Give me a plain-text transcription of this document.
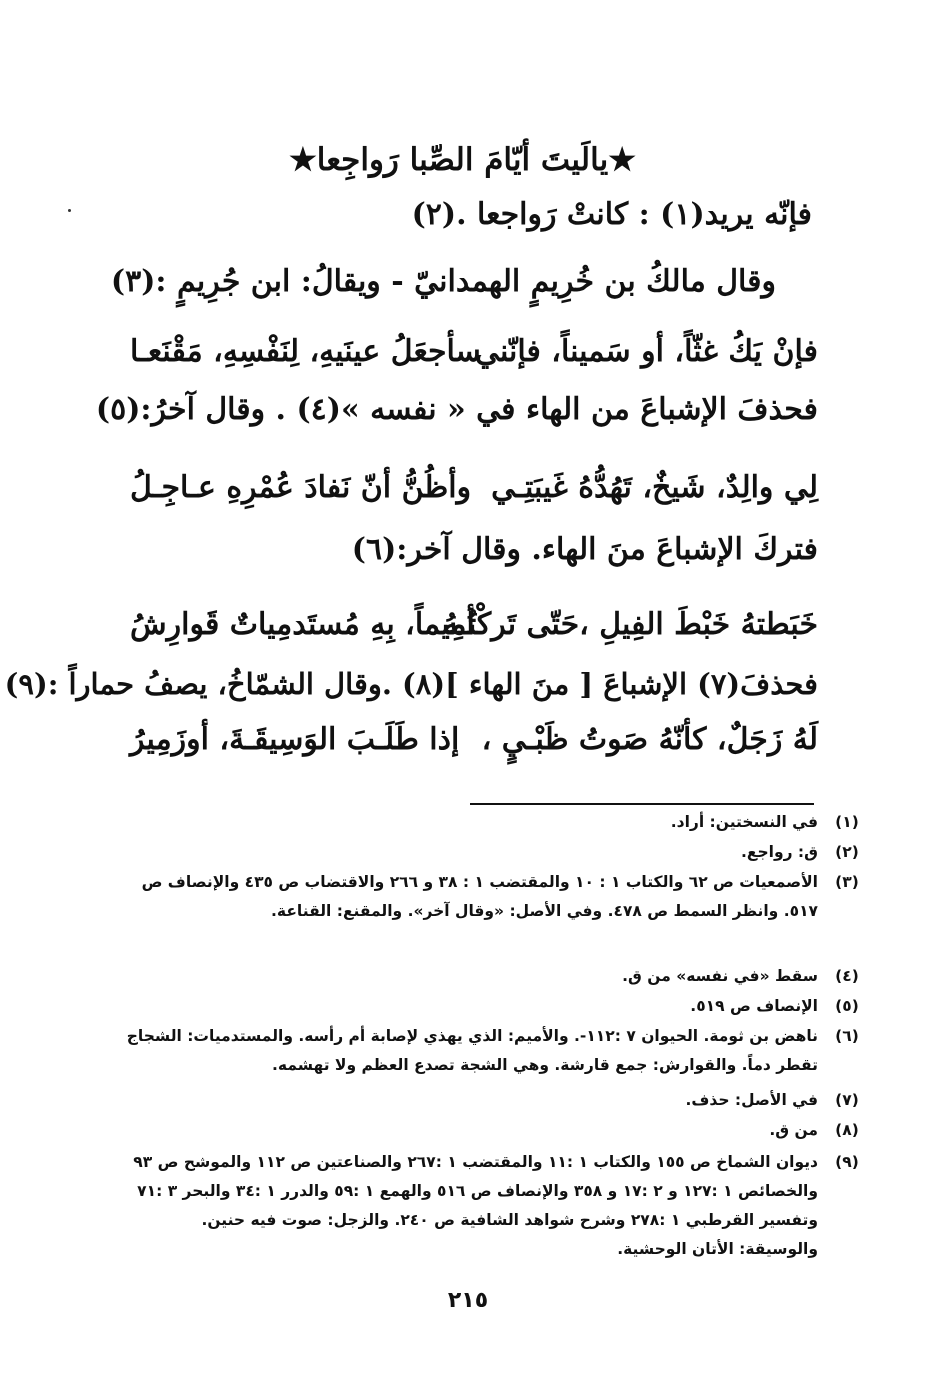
★يالَيتَ أيّامَ الصِّبا رَواجِعا★
فإنّه يريد(١) : كانتْ رَواجعا .(٢)
وقال مالكُ بن خُرِيمٍ الهمدانيّ - ويقالُ: ابن جُرِيمٍ :(٣)
فإنْ يَكُ غثّاً، أو سَميناً، فإنّني
سأجعَلُ عينَيهِ، لِنَفْسِهِ، مَقْنَعـا
فحذفَ الإشباعَ من الهاء في « نفسه »(٤) . وقال آخرُ:(٥)
لِي والِدٌ، شَيخٌ، تَهُدُّهُ غَيبَتِـي
وأظُنُّ أنّ نَفادَ عُمْرِهِ عـاجِـلُ
فتركَ الإشباعَ منَ الهاء. وقال آخر:(٦)
خَبَطتهُ خَبْطَ الفِيلِ ،حَتّى تَركْتُـهُ
أمِيماً، بِهِ مُستَدمِياتٌ قَوارِشُ
فحذفَ(٧) الإشباعَ [ منَ الهاء ](٨) .وقال الشمّاخُ، يصفُ حماراً :(٩)
لَهُ زَجَلٌ، كأنّهُ صَوتُ ظَبْـيٍ ،
إذا طَلَـبَ الوَسِيقَـةَ، أوزَمِيرُ
(١)
في النسختين: أراد.
(٢)
ق: رواجع.
(٣)
الأصمعيات ص ٦٢ والكتاب ١ : ١٠ والمقتضب ١ : ٣٨ و ٢٦٦ والاقتضاب ص ٤٣٥ والإنصاف ص ٥١٧. وانظر السمط ص ٤٧٨. وفي الأصل: «وقال آخر». والمقنع: القناعة.
(٤)
سقط «في نفسه» من ق.
(٥)
الإنصاف ص ٥١٩.
(٦)
ناهض بن ثومة. الحيوان ٧ :١١٢-. والأميم: الذي يهذي لإصابة أم رأسه. والمستدميات: الشجاج تقطر دماً. والقوارش: جمع قارشة. وهي الشجة تصدع العظم ولا تهشمه.
(٧)
في الأصل: حذف.
(٨)
من ق.
(٩)
ديوان الشماخ ص ١٥٥ والكتاب ١ :١١ والمقتضب ١ :٢٦٧ والصناعتين ص ١١٢ والموشح ص ٩٣ والخصائص ١ :١٢٧ و ٢ :١٧ و ٣٥٨ والإنصاف ص ٥١٦ والهمع ١ :٥٩ والدرر ١ :٣٤ والبحر ٣ :٧١ وتفسير القرطبي ١ :٢٧٨ وشرح شواهد الشافية ص ٢٤٠. والزجل: صوت فيه حنين. والوسيقة: الأتان الوحشية.
٢١٥
